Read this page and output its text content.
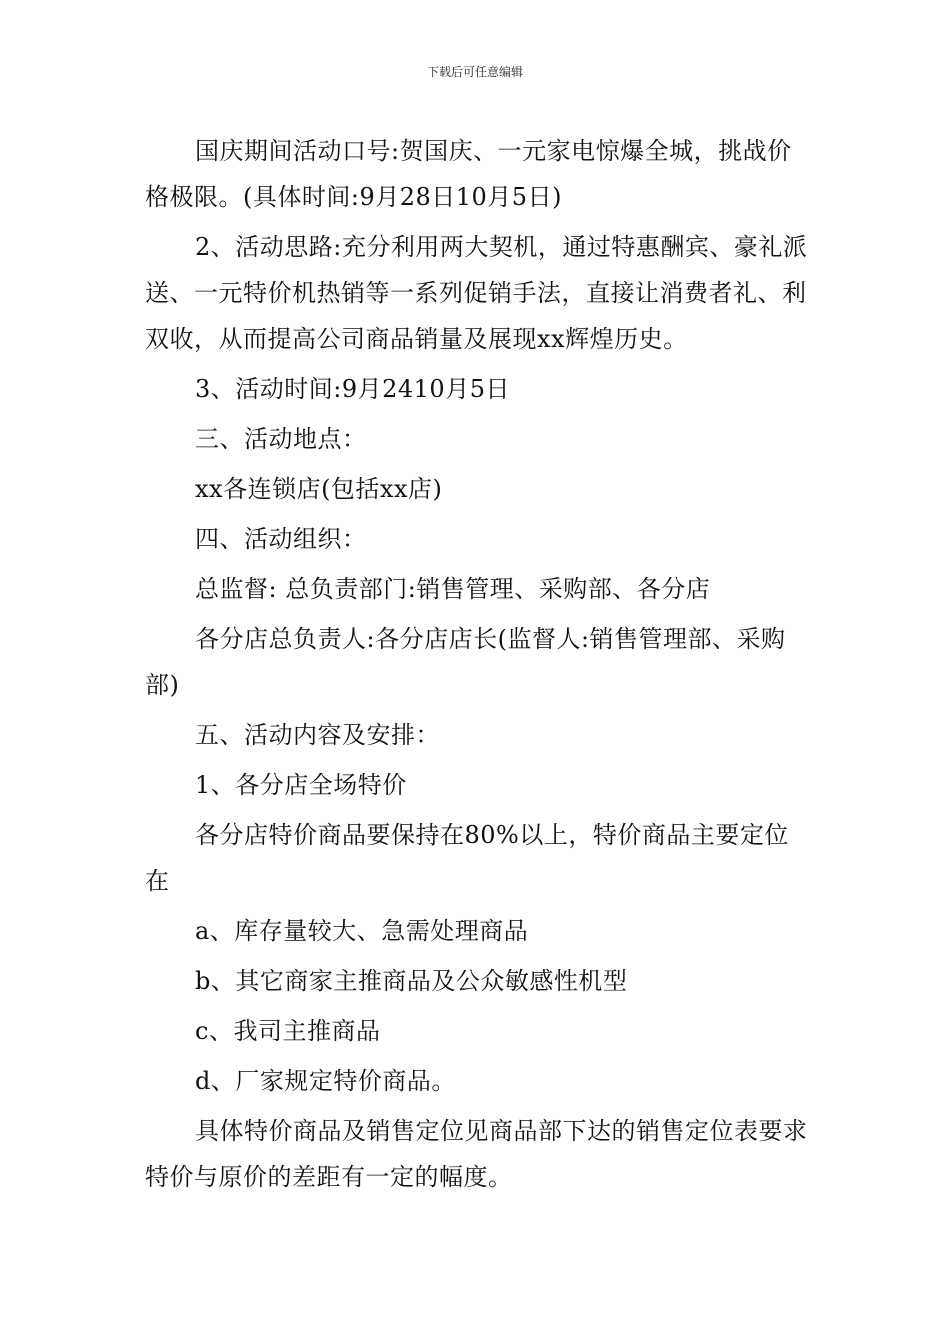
下载后可任意编辑

国庆期间活动口号:贺国庆、一元家电惊爆全城，挑战价格极限。(具体时间:9月28日10月5日)

2、活动思路:充分利用两大契机，通过特惠酬宾、豪礼派送、一元特价机热销等一系列促销手法，直接让消费者礼、利双收，从而提高公司商品销量及展现xx辉煌历史。

3、活动时间:9月2410月5日

三、活动地点：

xx各连锁店(包括xx店)

四、活动组织：

总监督: 总负责部门:销售管理、采购部、各分店

各分店总负责人:各分店店长(监督人:销售管理部、采购部)

五、活动内容及安排：

1、各分店全场特价

各分店特价商品要保持在80%以上，特价商品主要定位在

a、库存量较大、急需处理商品

b、其它商家主推商品及公众敏感性机型

c、我司主推商品

d、厂家规定特价商品。

具体特价商品及销售定位见商品部下达的销售定位表要求特价与原价的差距有一定的幅度。
